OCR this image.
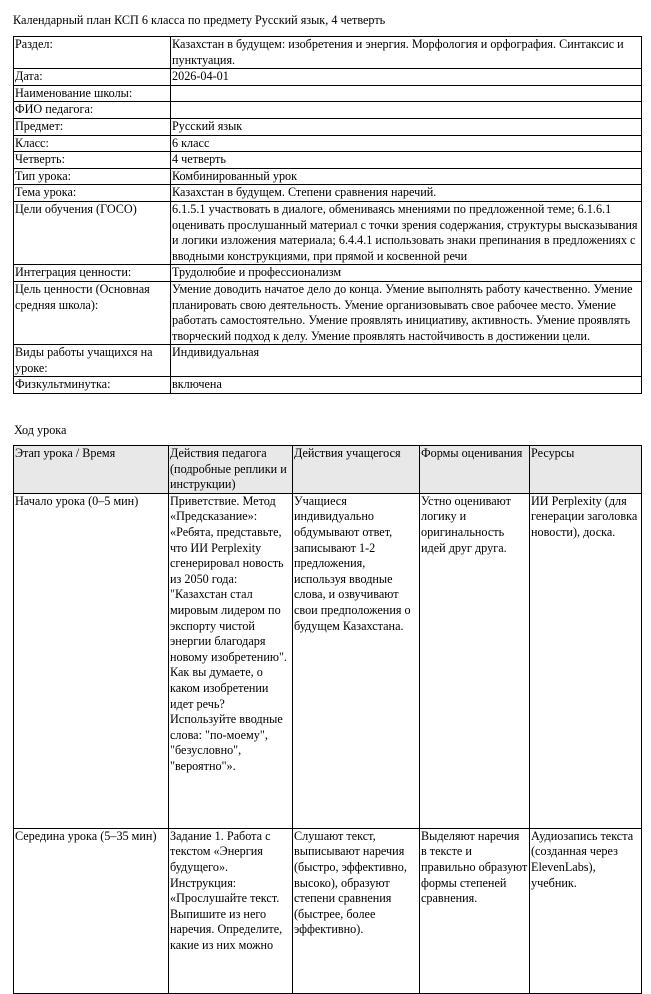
Календарный план КСП 6 класса по предмету Русский язык, 4 четверть
Раздел:	Казахстан в будущем: изобретения и энергия. Морфология и орфография. Синтаксис и пунктуация.
Дата:	2026-04-01
Наименование школы:	
ФИО педагога:	
Предмет:	Русский язык
Класс:	6 класс
Четверть:	4 четверть
Тип урока:	Комбинированный урок
Тема урока:	Казахстан в будущем. Степени сравнения наречий.
Цели обучения (ГОСО)	6.1.5.1 участвовать в диалоге, обмениваясь мнениями по предложенной теме; 6.1.6.1 оценивать прослушанный материал с точки зрения содержания, структуры высказывания и логики изложения материала; 6.4.4.1 использовать знаки препинания в предложениях с вводными конструкциями, при прямой и косвенной речи
Интеграция ценности:	Трудолюбие и профессионализм
Цель ценности (Основная средняя школа):	Умение доводить начатое дело до конца. Умение выполнять работу качественно. Умение планировать свою деятельность. Умение организовывать свое рабочее место. Умение работать самостоятельно. Умение проявлять инициативу, активность. Умение проявлять творческий подход к делу. Умение проявлять настойчивость в достижении цели.
Виды работы учащихся на уроке:	Индивидуальная
Физкультминутка:	включена
Ход урока
Этап урока / Время	Действия педагога (подробные реплики и инструкции)	Действия учащегося	Формы оценивания	Ресурсы
Начало урока (0–5 мин)	Приветствие. Метод «Предсказание»: «Ребята, представьте, что ИИ Perplexity сгенерировал новость из 2050 года: "Казахстан стал мировым лидером по экспорту чистой энергии благодаря новому изобретению". Как вы думаете, о каком изобретении идет речь? Используйте вводные слова: "по-моему", "безусловно", "вероятно"».	Учащиеся индивидуально обдумывают ответ, записывают 1-2 предложения, используя вводные слова, и озвучивают свои предположения о будущем Казахстана.	Устно оценивают логику и оригинальность идей друг друга.	ИИ Perplexity (для генерации заголовка новости), доска.
Середина урока (5–35 мин)	Задание 1. Работа с текстом «Энергия будущего». Инструкция: «Прослушайте текст. Выпишите из него наречия. Определите, какие из них можно	Слушают текст, выписывают наречия (быстро, эффективно, высоко), образуют степени сравнения (быстрее, более эффективно).	Выделяют наречия в тексте и правильно образуют формы степеней сравнения.	Аудиозапись текста (созданная через ElevenLabs), учебник.
